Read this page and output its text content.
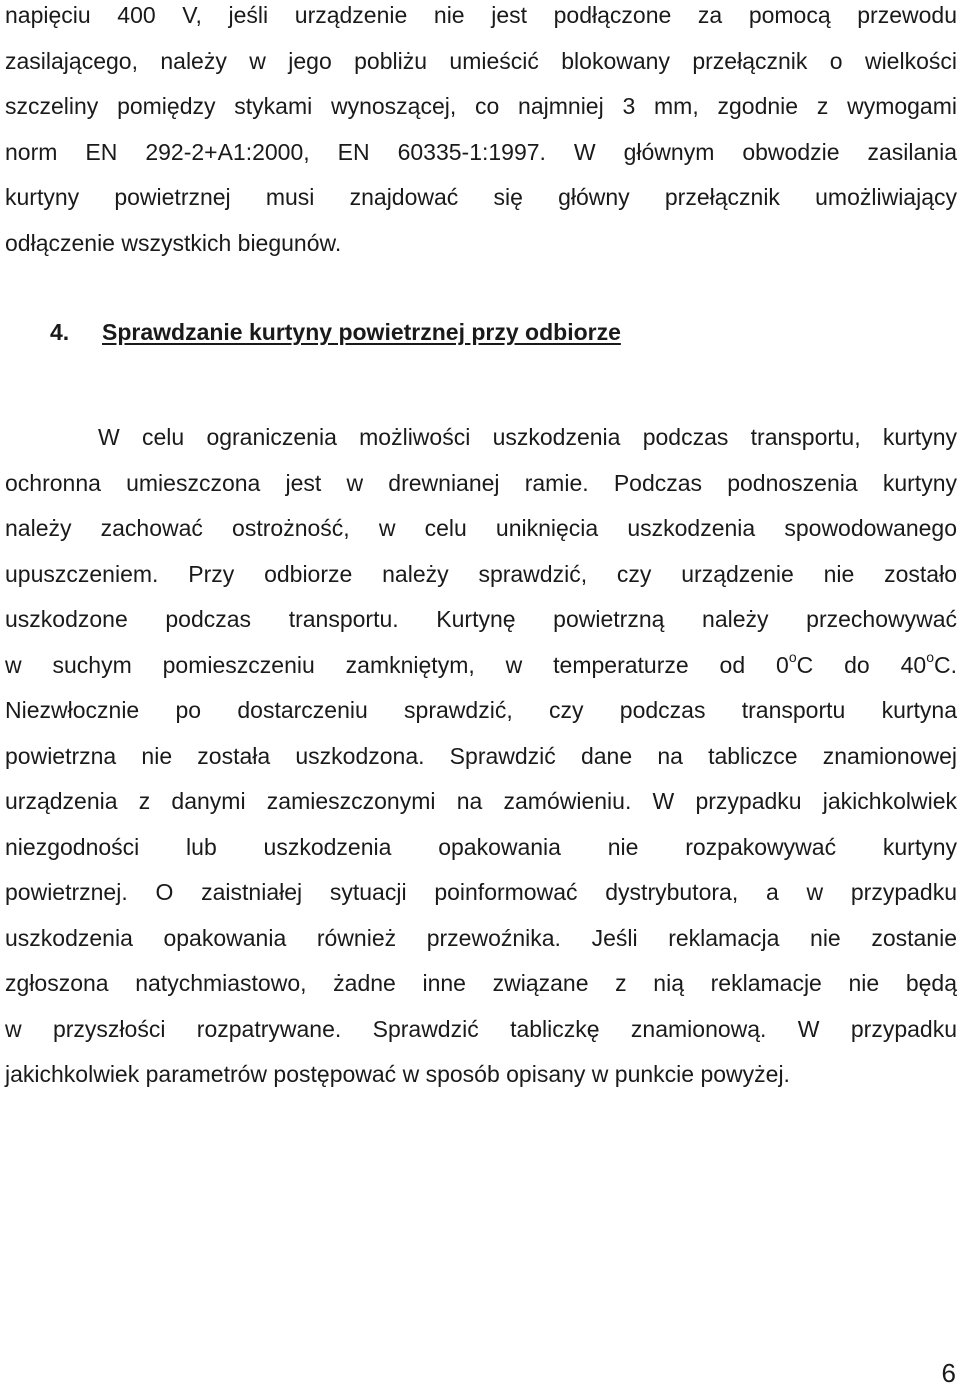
napięciu 400 V, jeśli urządzenie nie jest podłączone za pomocą przewodu
zasilającego, należy w jego pobliżu umieścić blokowany przełącznik o wielkości
szczeliny pomiędzy stykami wynoszącej, co najmniej 3 mm, zgodnie z wymogami
norm EN 292-2+A1:2000, EN 60335-1:1997. W głównym obwodzie zasilania
kurtyny powietrznej musi znajdować się główny przełącznik umożliwiający
odłączenie wszystkich biegunów.
4. Sprawdzanie kurtyny powietrznej przy odbiorze
W celu ograniczenia możliwości uszkodzenia podczas transportu, kurtyny
ochronna umieszczona jest w drewnianej ramie. Podczas podnoszenia kurtyny
należy zachować ostrożność, w celu uniknięcia uszkodzenia spowodowanego
upuszczeniem. Przy odbiorze należy sprawdzić, czy urządzenie nie zostało
uszkodzone podczas transportu. Kurtynę powietrzną należy przechowywać
w suchym pomieszczeniu zamkniętym, w temperaturze od 0$^o$C do 40$^o$C.
Niezwłocznie po dostarczeniu sprawdzić, czy podczas transportu kurtyna
powietrzna nie została uszkodzona. Sprawdzić dane na tabliczce znamionowej
urządzenia z danymi zamieszczonymi na zamówieniu. W przypadku jakichkolwiek
niezgodności lub uszkodzenia opakowania nie rozpakowywać kurtyny
powietrznej. O zaistniałej sytuacji poinformować dystrybutora, a w przypadku
uszkodzenia opakowania również przewoźnika. Jeśli reklamacja nie zostanie
zgłoszona natychmiastowo, żadne inne związane z nią reklamacje nie będą
w przyszłości rozpatrywane. Sprawdzić tabliczkę znamionową. W przypadku
jakichkolwiek parametrów postępować w sposób opisany w punkcie powyżej.
6
